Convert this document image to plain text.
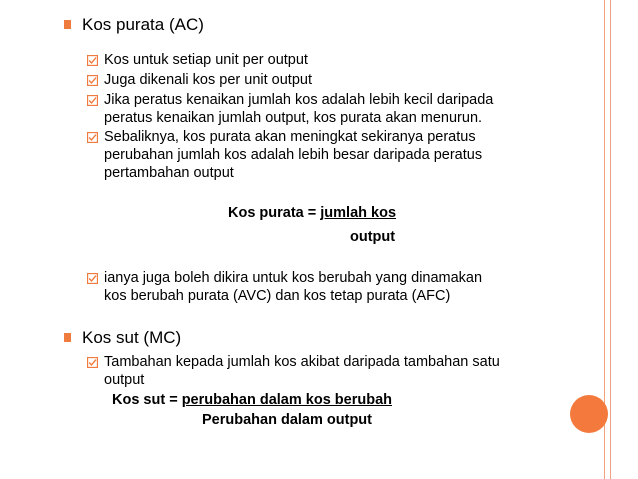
Kos purata (AC)
Kos untuk setiap unit per output
Juga dikenali kos per unit output
Jika peratus kenaikan jumlah kos adalah lebih kecil daripada
peratus kenaikan jumlah output, kos purata akan menurun.
Sebaliknya, kos purata akan meningkat sekiranya peratus
perubahan jumlah kos adalah lebih besar daripada peratus
pertambahan output
Kos purata = jumlah kos
output
ianya juga boleh dikira untuk kos berubah yang dinamakan
kos berubah purata (AVC) dan kos tetap purata (AFC)
Kos sut (MC)
Tambahan kepada jumlah kos akibat daripada tambahan satu
output
Kos sut = perubahan dalam kos berubah
Perubahan dalam output
